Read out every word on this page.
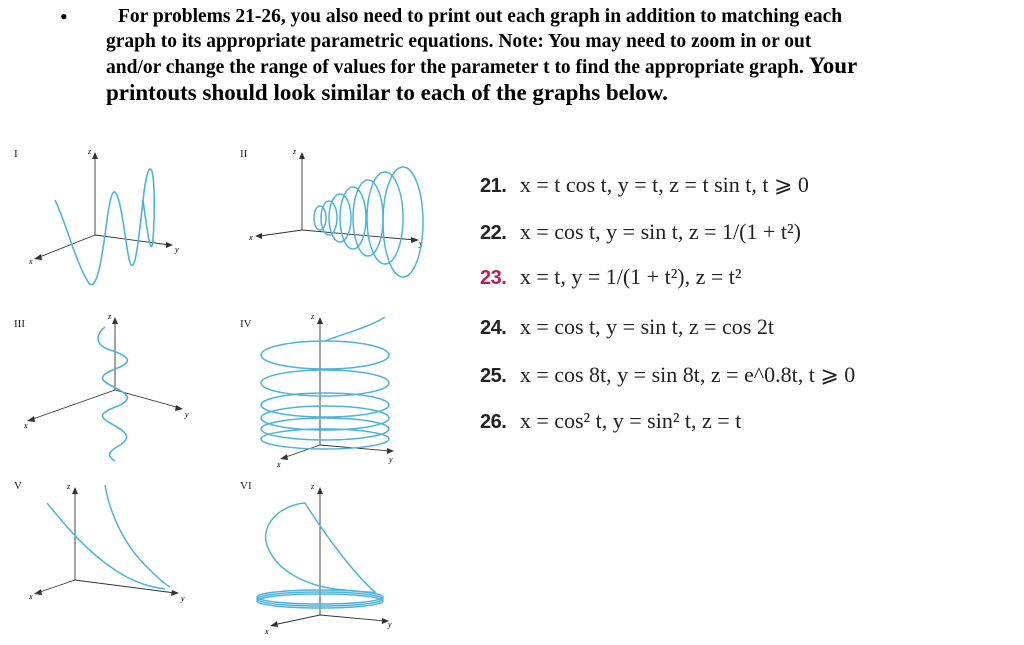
•	For problems 21-26, you also need to print out each graph in addition to matching each
graph to its appropriate parametric equations. Note: You may need to zoom in or out
and/or change the range of values for the parameter t to find the appropriate graph. Your
printouts should look similar to each of the graphs below.
I	II
III	IV
V	VI
z
y
x
z
y
x
z
y
x
z
y
x
z
y
x
z
y
x
21. x = t cos t, y = t, z = t sin t, t ⩾ 0
22. x = cos t, y = sin t, z = 1/(1 + t²)
23. x = t, y = 1/(1 + t²), z = t²
24. x = cos t, y = sin t, z = cos 2t
25. x = cos 8t, y = sin 8t, z = e^0.8t, t ⩾ 0
26. x = cos² t, y = sin² t, z = t
